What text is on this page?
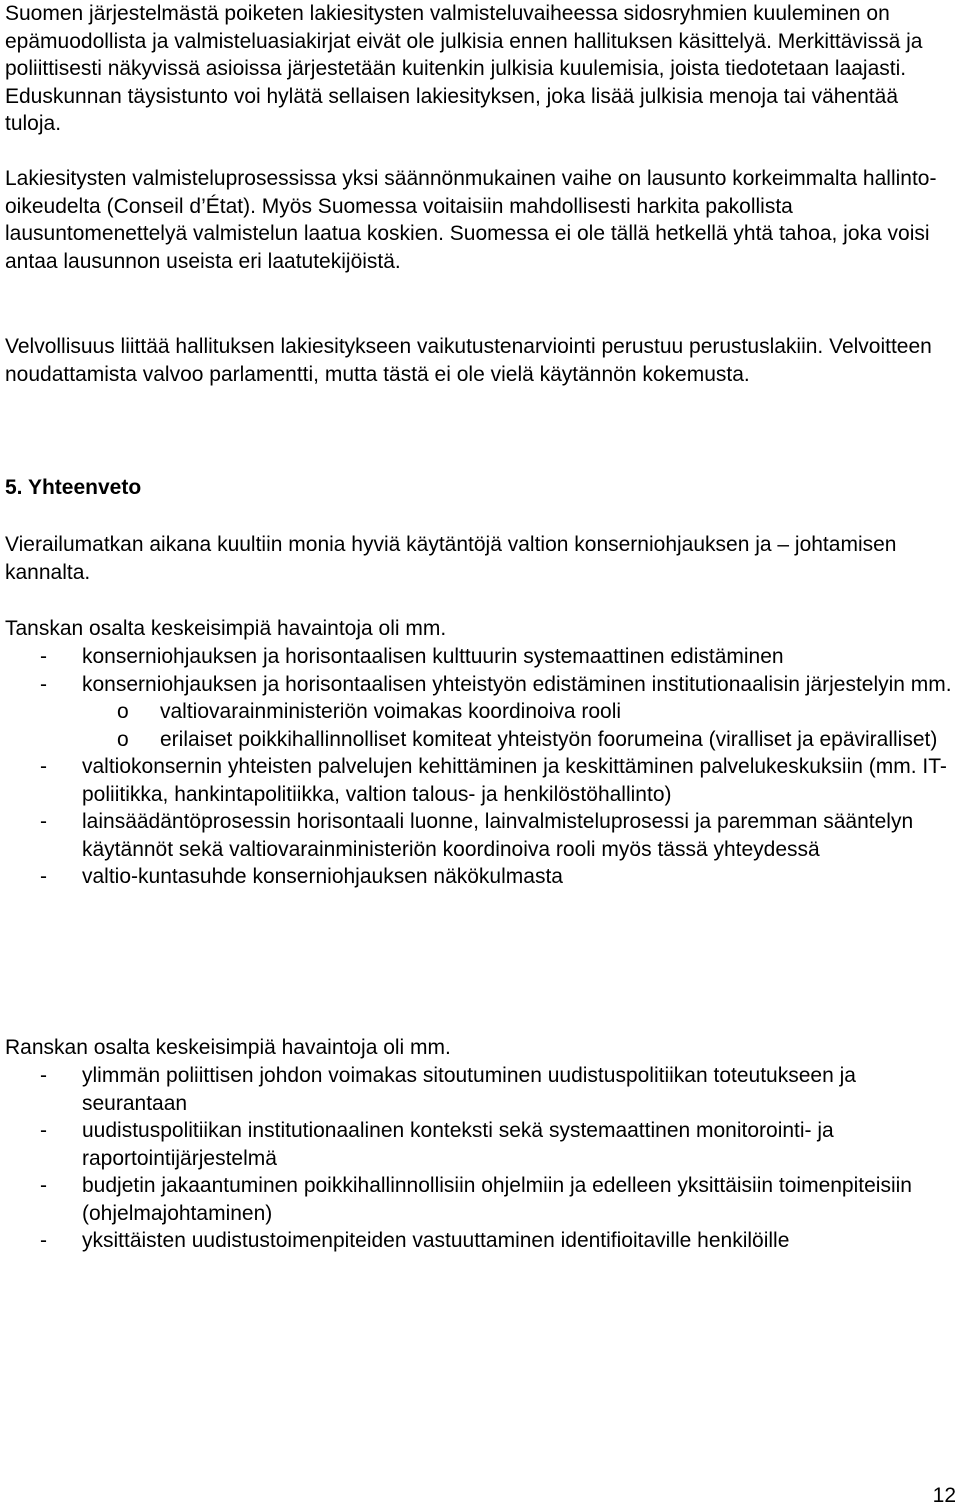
Suomen järjestelmästä poiketen lakiesitysten valmisteluvaiheessa sidosryhmien kuuleminen on epämuodollista ja valmisteluasiakirjat eivät ole julkisia ennen hallituksen käsittelyä. Merkittävissä ja poliittisesti näkyvissä asioissa järjestetään kuitenkin julkisia kuulemisia, joista tiedotetaan laajasti. Eduskunnan täysistunto voi hylätä sellaisen lakiesityksen, joka lisää julkisia menoja tai vähentää tuloja.

Lakiesitysten valmisteluprosessissa yksi säännönmukainen vaihe on lausunto korkeimmalta hallinto-oikeudelta (Conseil d’État). Myös Suomessa voitaisiin mahdollisesti harkita pakollista lausuntomenettelyä valmistelun laatua koskien. Suomessa ei ole tällä hetkellä yhtä tahoa, joka voisi antaa lausunnon useista eri laatutekijöistä.

Velvollisuus liittää hallituksen lakiesitykseen vaikutustenarviointi perustuu perustuslakiin. Velvoitteen noudattamista valvoo parlamentti, mutta tästä ei ole vielä käytännön kokemusta.

5. Yhteenveto

Vierailumatkan aikana kuultiin monia hyviä käytäntöjä valtion konserniohjauksen ja – johtamisen kannalta.

Tanskan osalta keskeisimpiä havaintoja oli mm.

- konserniohjauksen ja horisontaalisen kulttuurin systemaattinen edistäminen
- konserniohjauksen ja horisontaalisen yhteistyön edistäminen institutionaalisin järjestelyin mm.
o valtiovarainministeriön voimakas koordinoiva rooli
o erilaiset poikkihallinnolliset komiteat yhteistyön foorumeina (viralliset ja epäviralliset)
- valtiokonsernin yhteisten palvelujen kehittäminen ja keskittäminen palvelukeskuksiin (mm. IT-poliitikka, hankintapolitiikka, valtion talous- ja henkilöstöhallinto)
- lainsäädäntöprosessin horisontaali luonne, lainvalmisteluprosessi ja paremman sääntelyn käytännöt sekä valtiovarainministeriön koordinoiva rooli myös tässä yhteydessä
- valtio-kuntasuhde konserniohjauksen näkökulmasta

Ranskan osalta keskeisimpiä havaintoja oli mm.

- ylimmän poliittisen johdon voimakas sitoutuminen uudistuspolitiikan toteutukseen ja seurantaan
- uudistuspolitiikan institutionaalinen konteksti sekä systemaattinen monitorointi- ja raportointijärjestelmä
- budjetin jakaantuminen poikkihallinnollisiin ohjelmiin ja edelleen yksittäisiin toimenpiteisiin (ohjelmajohtaminen)
- yksittäisten uudistustoimenpiteiden vastuuttaminen identifioitaville henkilöille
12
